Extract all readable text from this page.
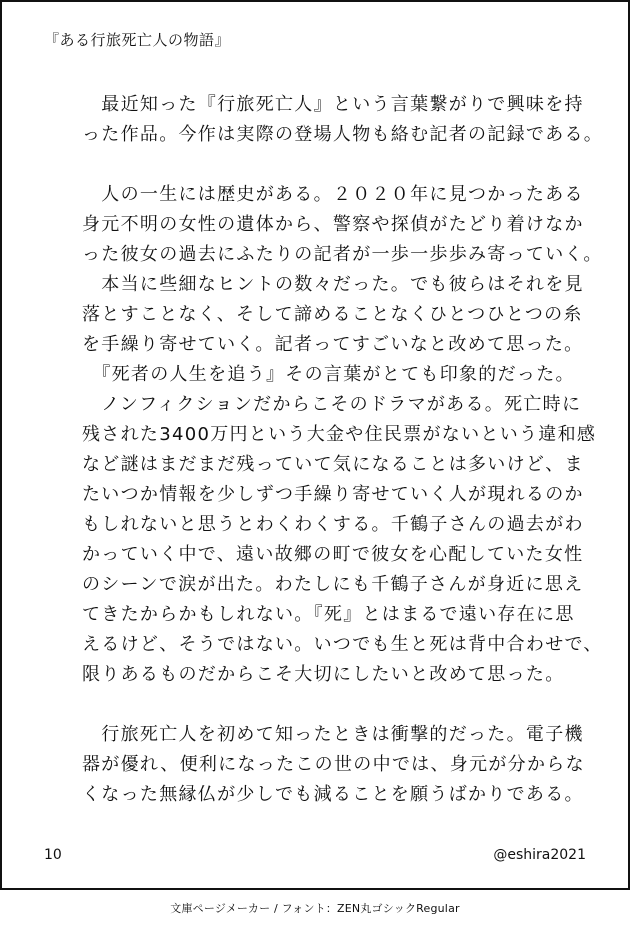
『ある行旅死亡人の物語』
　最近知った『行旅死亡人』という言葉繋がりで興味を持
った作品。今作は実際の登場人物も絡む記者の記録である。
　人の一生には歴史がある。２０２０年に見つかったある
身元不明の女性の遺体から、警察や探偵がたどり着けなか
った彼女の過去にふたりの記者が一歩一歩歩み寄っていく。
　本当に些細なヒントの数々だった。でも彼らはそれを見
落とすことなく、そして諦めることなくひとつひとつの糸
を手繰り寄せていく。記者ってすごいなと改めて思った。
　『死者の人生を追う』その言葉がとても印象的だった。
　ノンフィクションだからこそのドラマがある。死亡時に
残された3400万円という大金や住民票がないという違和感
など謎はまだまだ残っていて気になることは多いけど、ま
たいつか情報を少しずつ手繰り寄せていく人が現れるのか
もしれないと思うとわくわくする。千鶴子さんの過去がわ
かっていく中で、遠い故郷の町で彼女を心配していた女性
のシーンで涙が出た。わたしにも千鶴子さんが身近に思え
てきたからかもしれない。『死』とはまるで遠い存在に思
えるけど、そうではない。いつでも生と死は背中合わせで、
限りあるものだからこそ大切にしたいと改めて思った。
　行旅死亡人を初めて知ったときは衝撃的だった。電子機
器が優れ、便利になったこの世の中では、身元が分からな
くなった無縁仏が少しでも減ることを願うばかりである。
10	@eshira2021
文庫ページメーカー / フォント：ZEN丸ゴシックRegular
